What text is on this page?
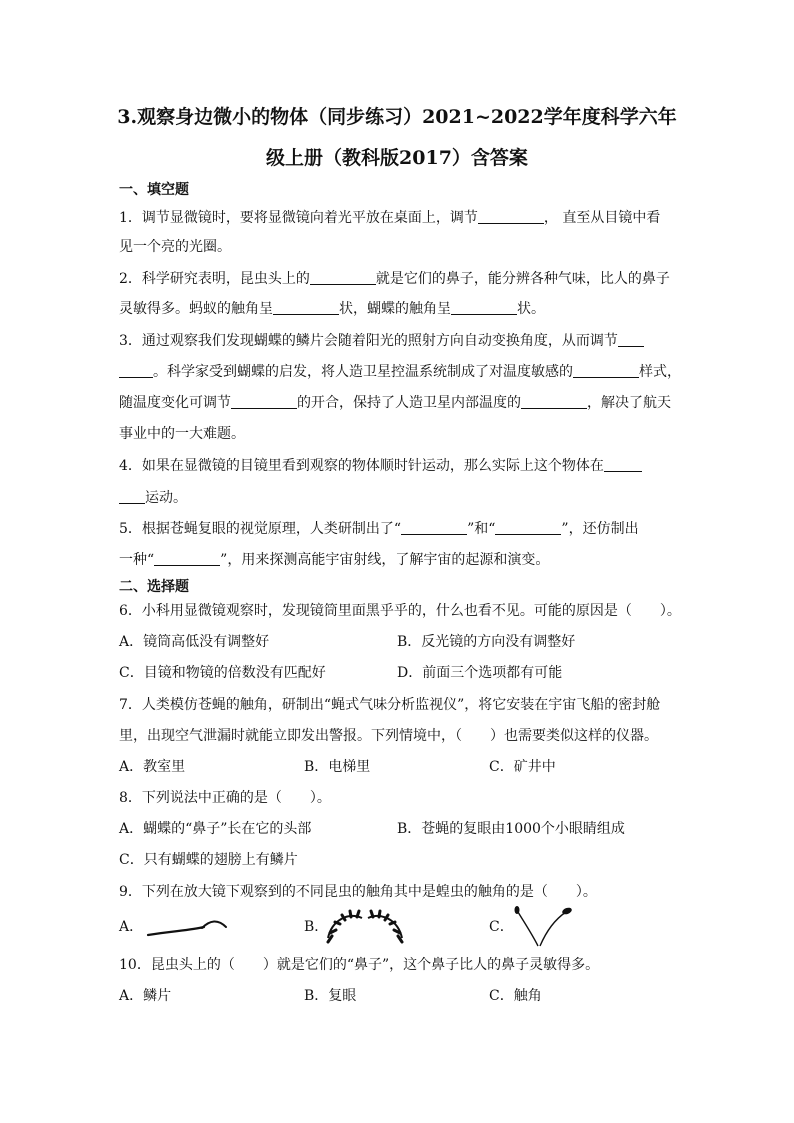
3.观察身边微小的物体（同步练习）2021~2022学年度科学六年
级上册（教科版2017）含答案
一、填空题
1．调节显微镜时，要将显微镜向着光平放在桌面上，调节	， 直至从目镜中看
见一个亮的光圈。
2．科学研究表明，昆虫头上的	就是它们的鼻子，能分辨各种气味，比人的鼻子
灵敏得多。蚂蚁的触角呈	状，蝴蝶的触角呈	状。
3．通过观察我们发现蝴蝶的鳞片会随着阳光的照射方向自动变换角度，从而调节
。科学家受到蝴蝶的启发，将人造卫星控温系统制成了对温度敏感的	样式，
随温度变化可调节	的开合，保持了人造卫星内部温度的	，解决了航天
事业中的一大难题。
4．如果在显微镜的目镜里看到观察的物体顺时针运动，那么实际上这个物体在
运动。
5．根据苍蝇复眼的视觉原理，人类研制出了“	”和“	”，还仿制出
一种“	”，用来探测高能宇宙射线，了解宇宙的起源和演变。
二、选择题
6．小科用显微镜观察时，发现镜筒里面黑乎乎的，什么也看不见。可能的原因是（　　）。
A．镜筒高低没有调整好	B．反光镜的方向没有调整好
C．目镜和物镜的倍数没有匹配好	D．前面三个选项都有可能
7．人类模仿苍蝇的触角，研制出“蝇式气味分析监视仪”，将它安装在宇宙飞船的密封舱
里，出现空气泄漏时就能立即发出警报。下列情境中，（　　）也需要类似这样的仪器。
A．教室里	B．电梯里	C．矿井中
8．下列说法中正确的是（　　）。
A．蝴蝶的“鼻子”长在它的头部	B．苍蝇的复眼由1000个小眼睛组成
C．只有蝴蝶的翅膀上有鳞片
9．下列在放大镜下观察到的不同昆虫的触角其中是蝗虫的触角的是（　　）。
A．	B．	C．
10．昆虫头上的（　　）就是它们的“鼻子”，这个鼻子比人的鼻子灵敏得多。
A．鳞片	B．复眼	C．触角
